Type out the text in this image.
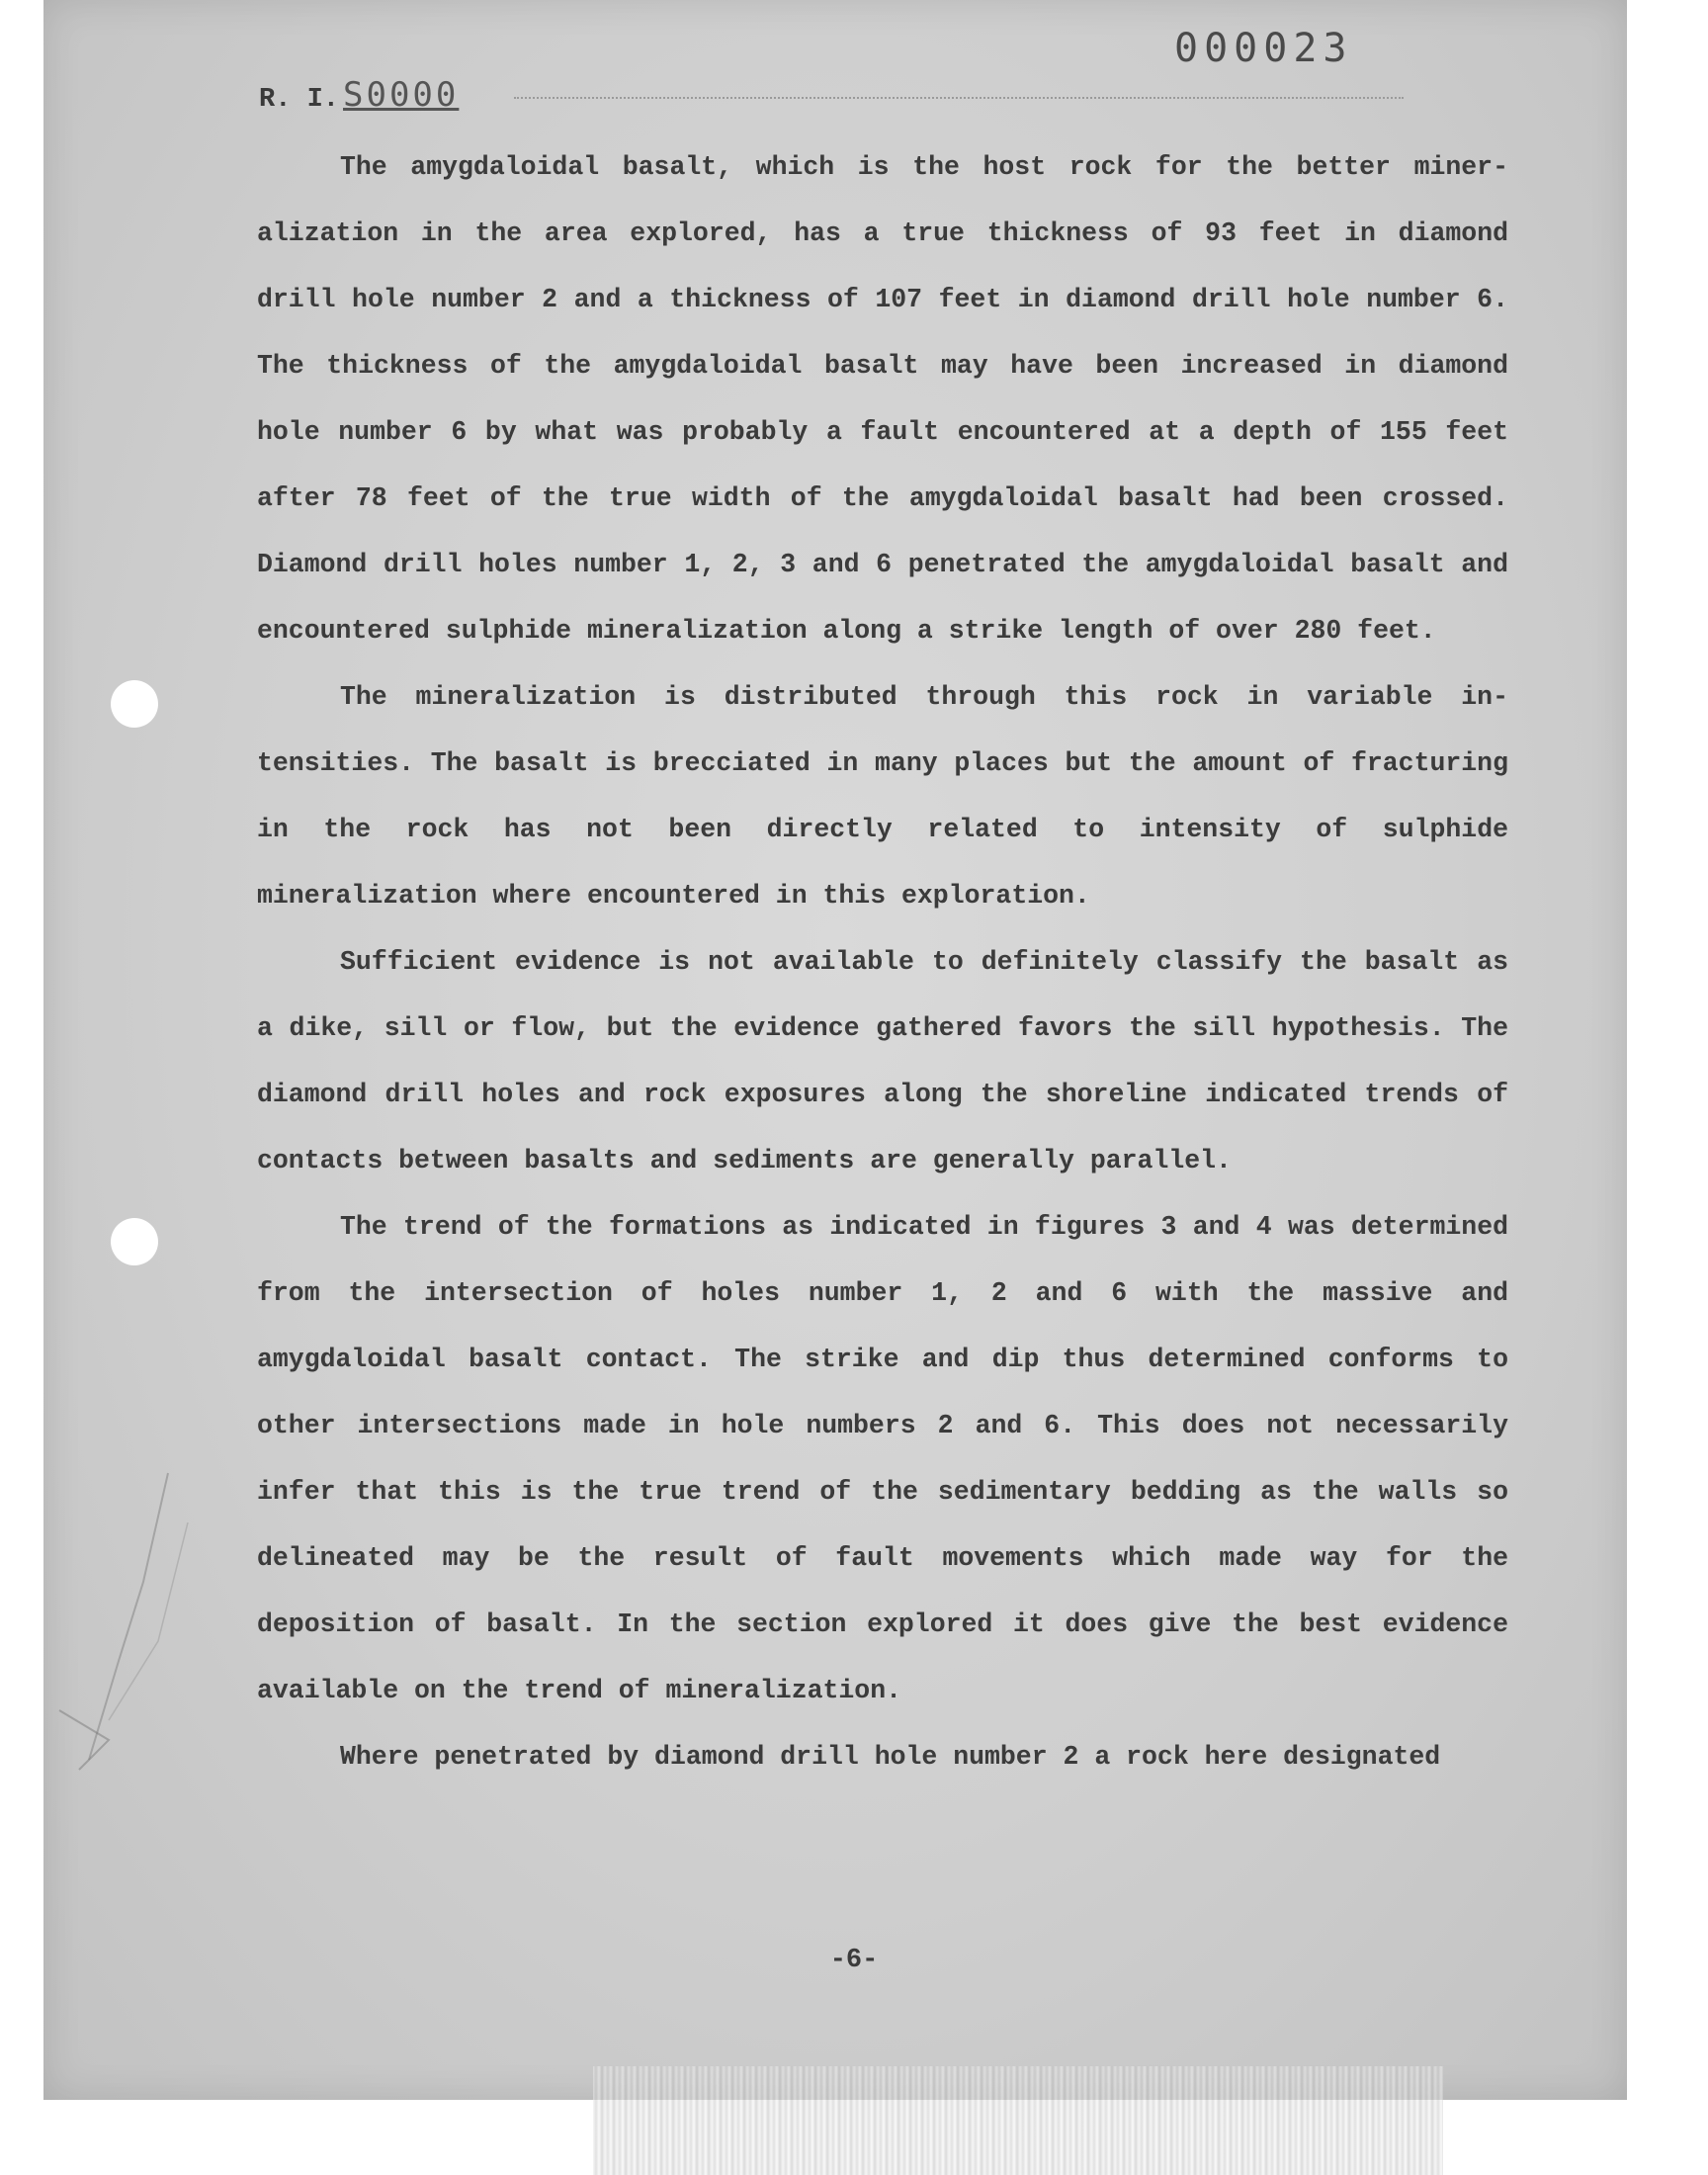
000023
R. I. S0000

The amygdaloidal basalt, which is the host rock for the better mineralization in the area explored, has a true thickness of 93 feet in diamond drill hole number 2 and a thickness of 107 feet in diamond drill hole number 6. The thickness of the amygdaloidal basalt may have been increased in diamond hole number 6 by what was probably a fault encountered at a depth of 155 feet after 78 feet of the true width of the amygdaloidal basalt had been crossed. Diamond drill holes number 1, 2, 3 and 6 penetrated the amygdaloidal basalt and encountered sulphide mineralization along a strike length of over 280 feet.

The mineralization is distributed through this rock in variable intensities. The basalt is brecciated in many places but the amount of fracturing in the rock has not been directly related to intensity of sulphide mineralization where encountered in this exploration.

Sufficient evidence is not available to definitely classify the basalt as a dike, sill or flow, but the evidence gathered favors the sill hypothesis. The diamond drill holes and rock exposures along the shoreline indicated trends of contacts between basalts and sediments are generally parallel.

The trend of the formations as indicated in figures 3 and 4 was determined from the intersection of holes number 1, 2 and 6 with the massive and amygdaloidal basalt contact. The strike and dip thus determined conforms to other intersections made in hole numbers 2 and 6. This does not necessarily infer that this is the true trend of the sedimentary bedding as the walls so delineated may be the result of fault movements which made way for the deposition of basalt. In the section explored it does give the best evidence available on the trend of mineralization.

Where penetrated by diamond drill hole number 2 a rock here designated

-6-
